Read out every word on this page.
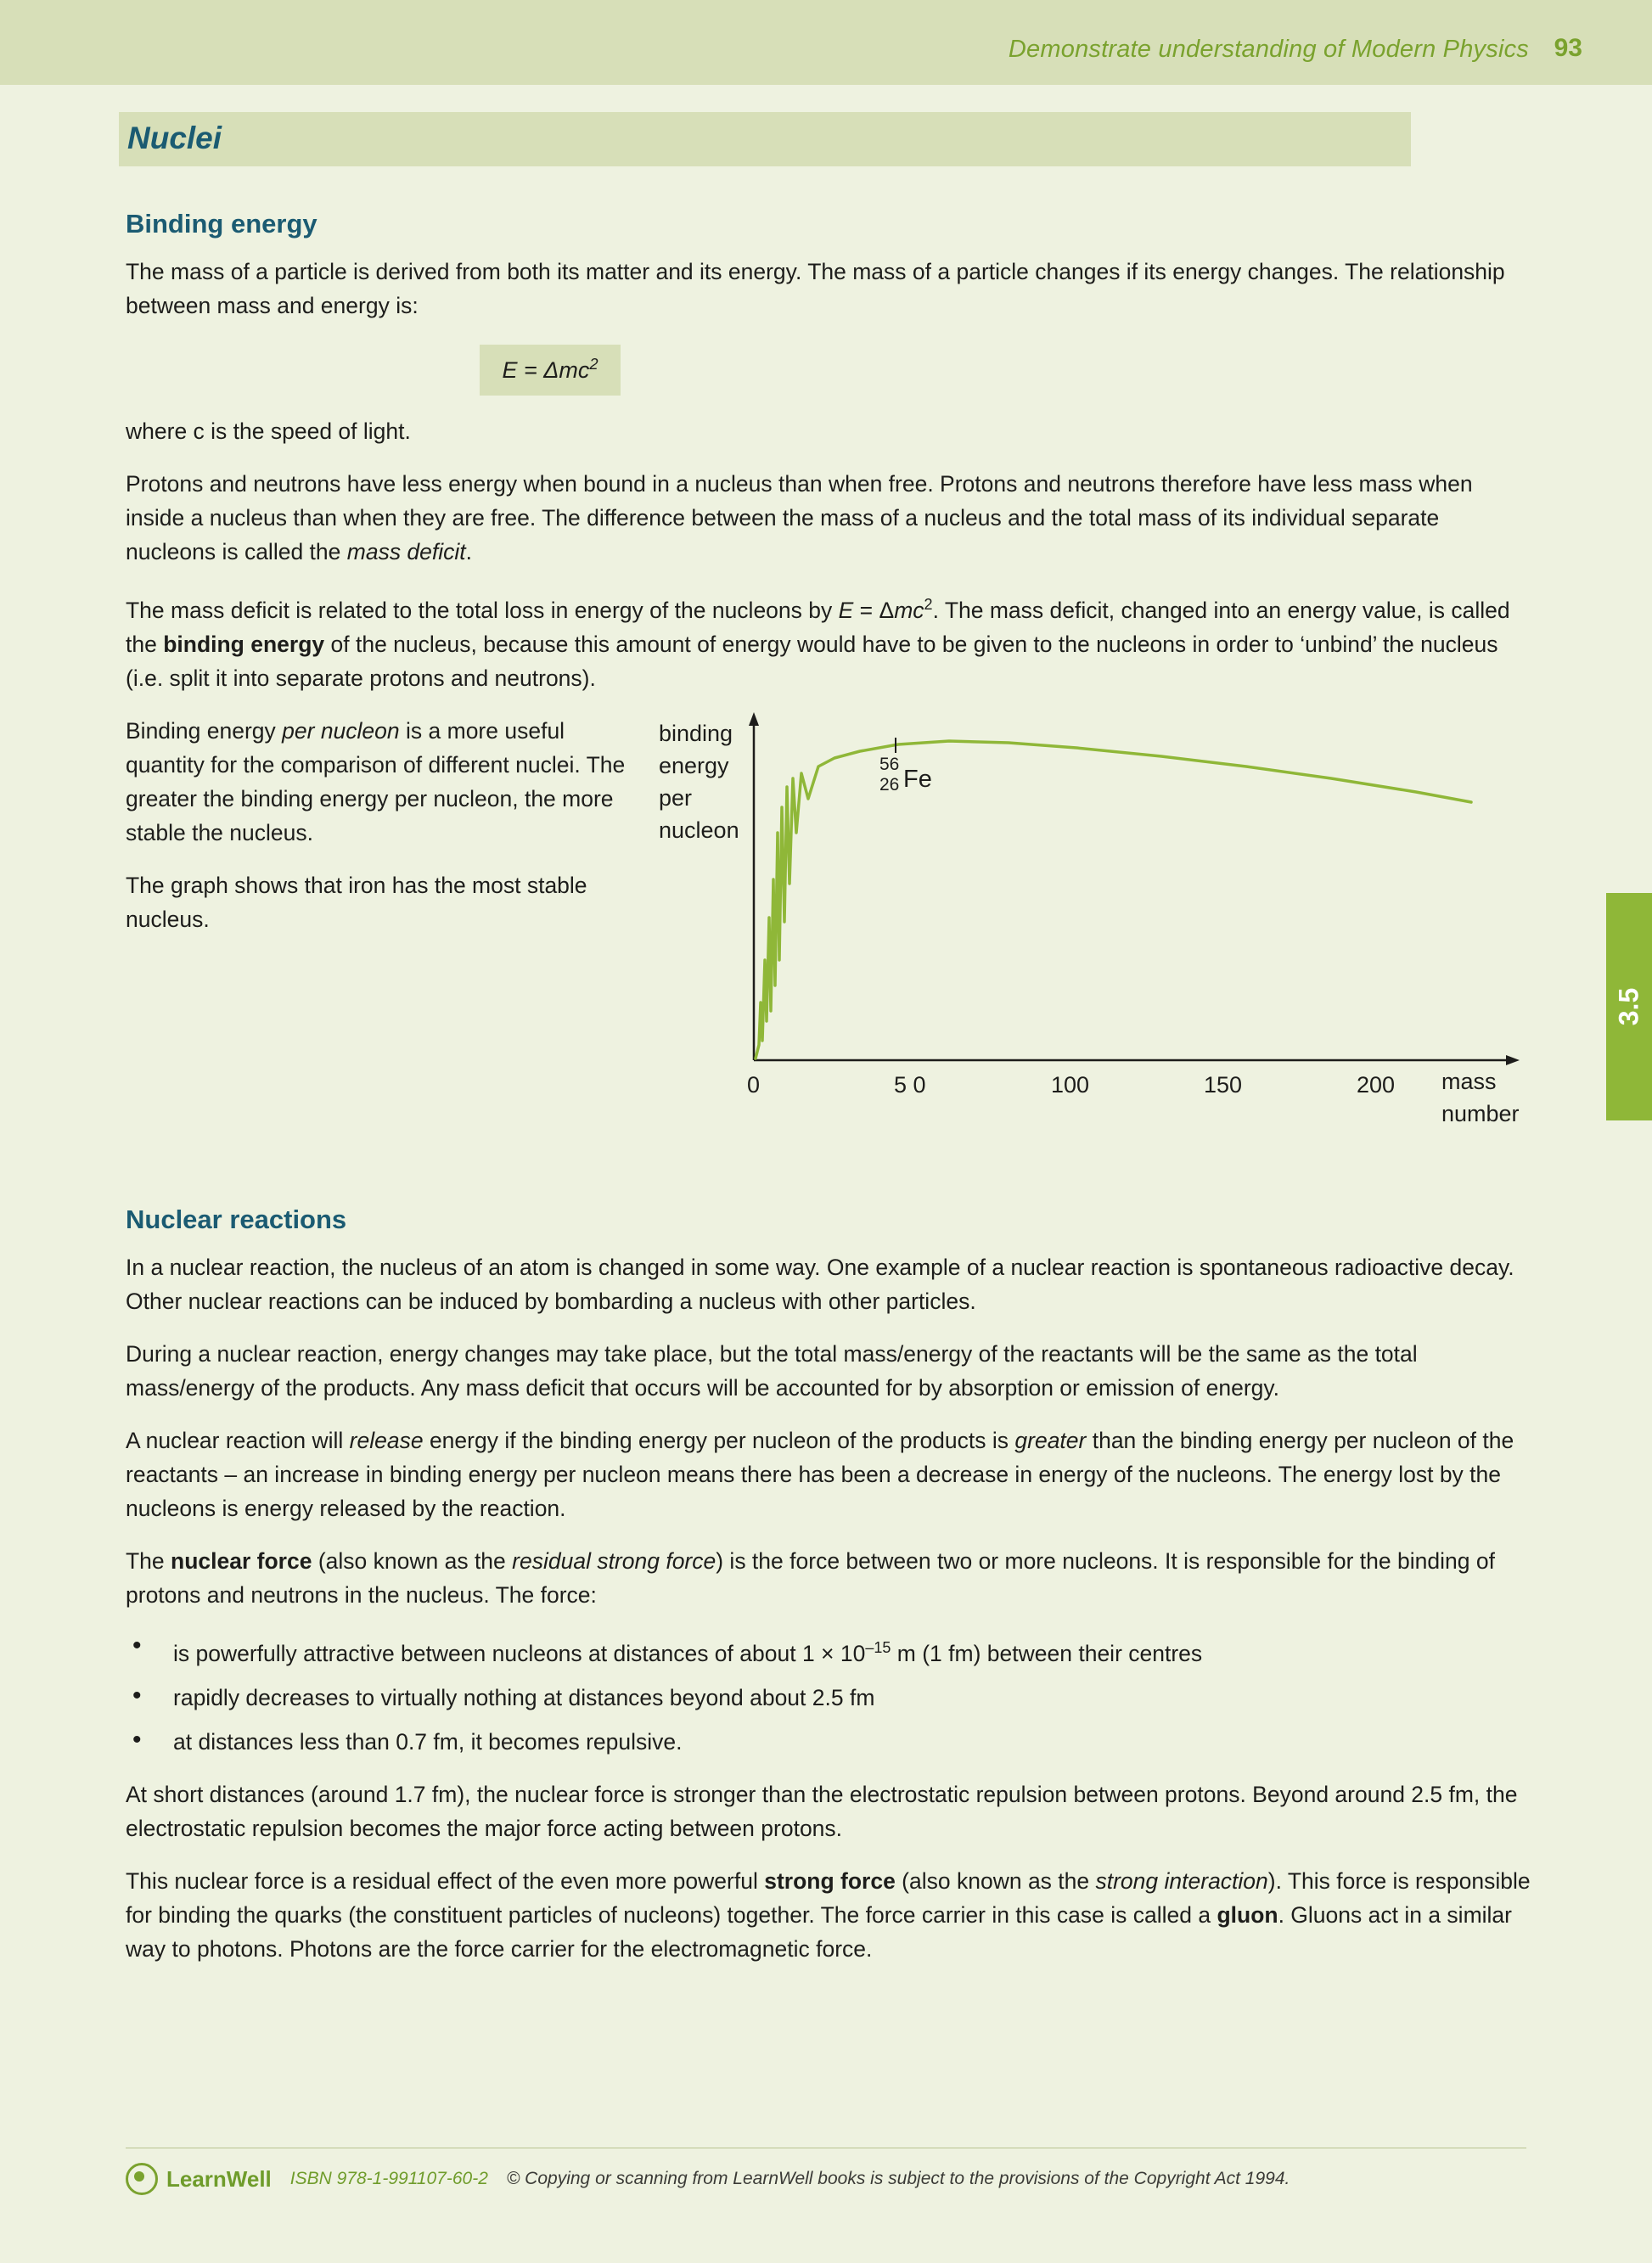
Demonstrate understanding of Modern Physics 93
Nuclei
3.5
Binding energy

The mass of a particle is derived from both its matter and its energy. The mass of a particle changes if its energy changes. The relationship between mass and energy is:

E = Δmc$^2$

where c is the speed of light.

Protons and neutrons have less energy when bound in a nucleus than when free. Protons and neutrons therefore have less mass when inside a nucleus than when they are free. The difference between the mass of a nucleus and the total mass of its individual separate nucleons is called the mass deficit.

The mass deficit is related to the total loss in energy of the nucleons by E = Δmc$^2$. The mass deficit, changed into an energy value, is called the binding energy of the nucleus, because this amount of energy would have to be given to the nucleons in order to ‘unbind’ the nucleus (i.e. split it into separate protons and neutrons).

Binding energy per nucleon is a more useful quantity for the comparison of different nuclei. The greater the binding energy per nucleon, the more stable the nucleus.

The graph shows that iron has the most stable nucleus.

binding
energy
per
nucleon
56
26 Fe
0	5 0	100	150	200 mass
number
Nuclear reactions

In a nuclear reaction, the nucleus of an atom is changed in some way. One example of a nuclear reaction is spontaneous radioactive decay. Other nuclear reactions can be induced by bombarding a nucleus with other particles.

During a nuclear reaction, energy changes may take place, but the total mass/energy of the reactants will be the same as the total mass/energy of the products. Any mass deficit that occurs will be accounted for by absorption or emission of energy.

A nuclear reaction will release energy if the binding energy per nucleon of the products is greater than the binding energy per nucleon of the reactants – an increase in binding energy per nucleon means there has been a decrease in energy of the nucleons. The energy lost by the nucleons is energy released by the reaction.

The nuclear force (also known as the residual strong force) is the force between two or more nucleons. It is responsible for the binding of protons and neutrons in the nucleus. The force:

• is powerfully attractive between nucleons at distances of about $1 \times 10^{-15}$ m (1 fm) between their centres
• rapidly decreases to virtually nothing at distances beyond about 2.5 fm
• at distances less than 0.7 fm, it becomes repulsive.

At short distances (around 1.7 fm), the nuclear force is stronger than the electrostatic repulsion between protons. Beyond around 2.5 fm, the electrostatic repulsion becomes the major force acting between protons.

This nuclear force is a residual effect of the even more powerful strong force (also known as the strong interaction). This force is responsible for binding the quarks (the constituent particles of nucleons) together. The force carrier in this case is called a gluon. Gluons act in a similar way to photons. Photons are the force carrier for the electromagnetic force.

LearnWell ISBN 978-1-991107-60-2 © Copying or scanning from LearnWell books is subject to the provisions of the Copyright Act 1994.
